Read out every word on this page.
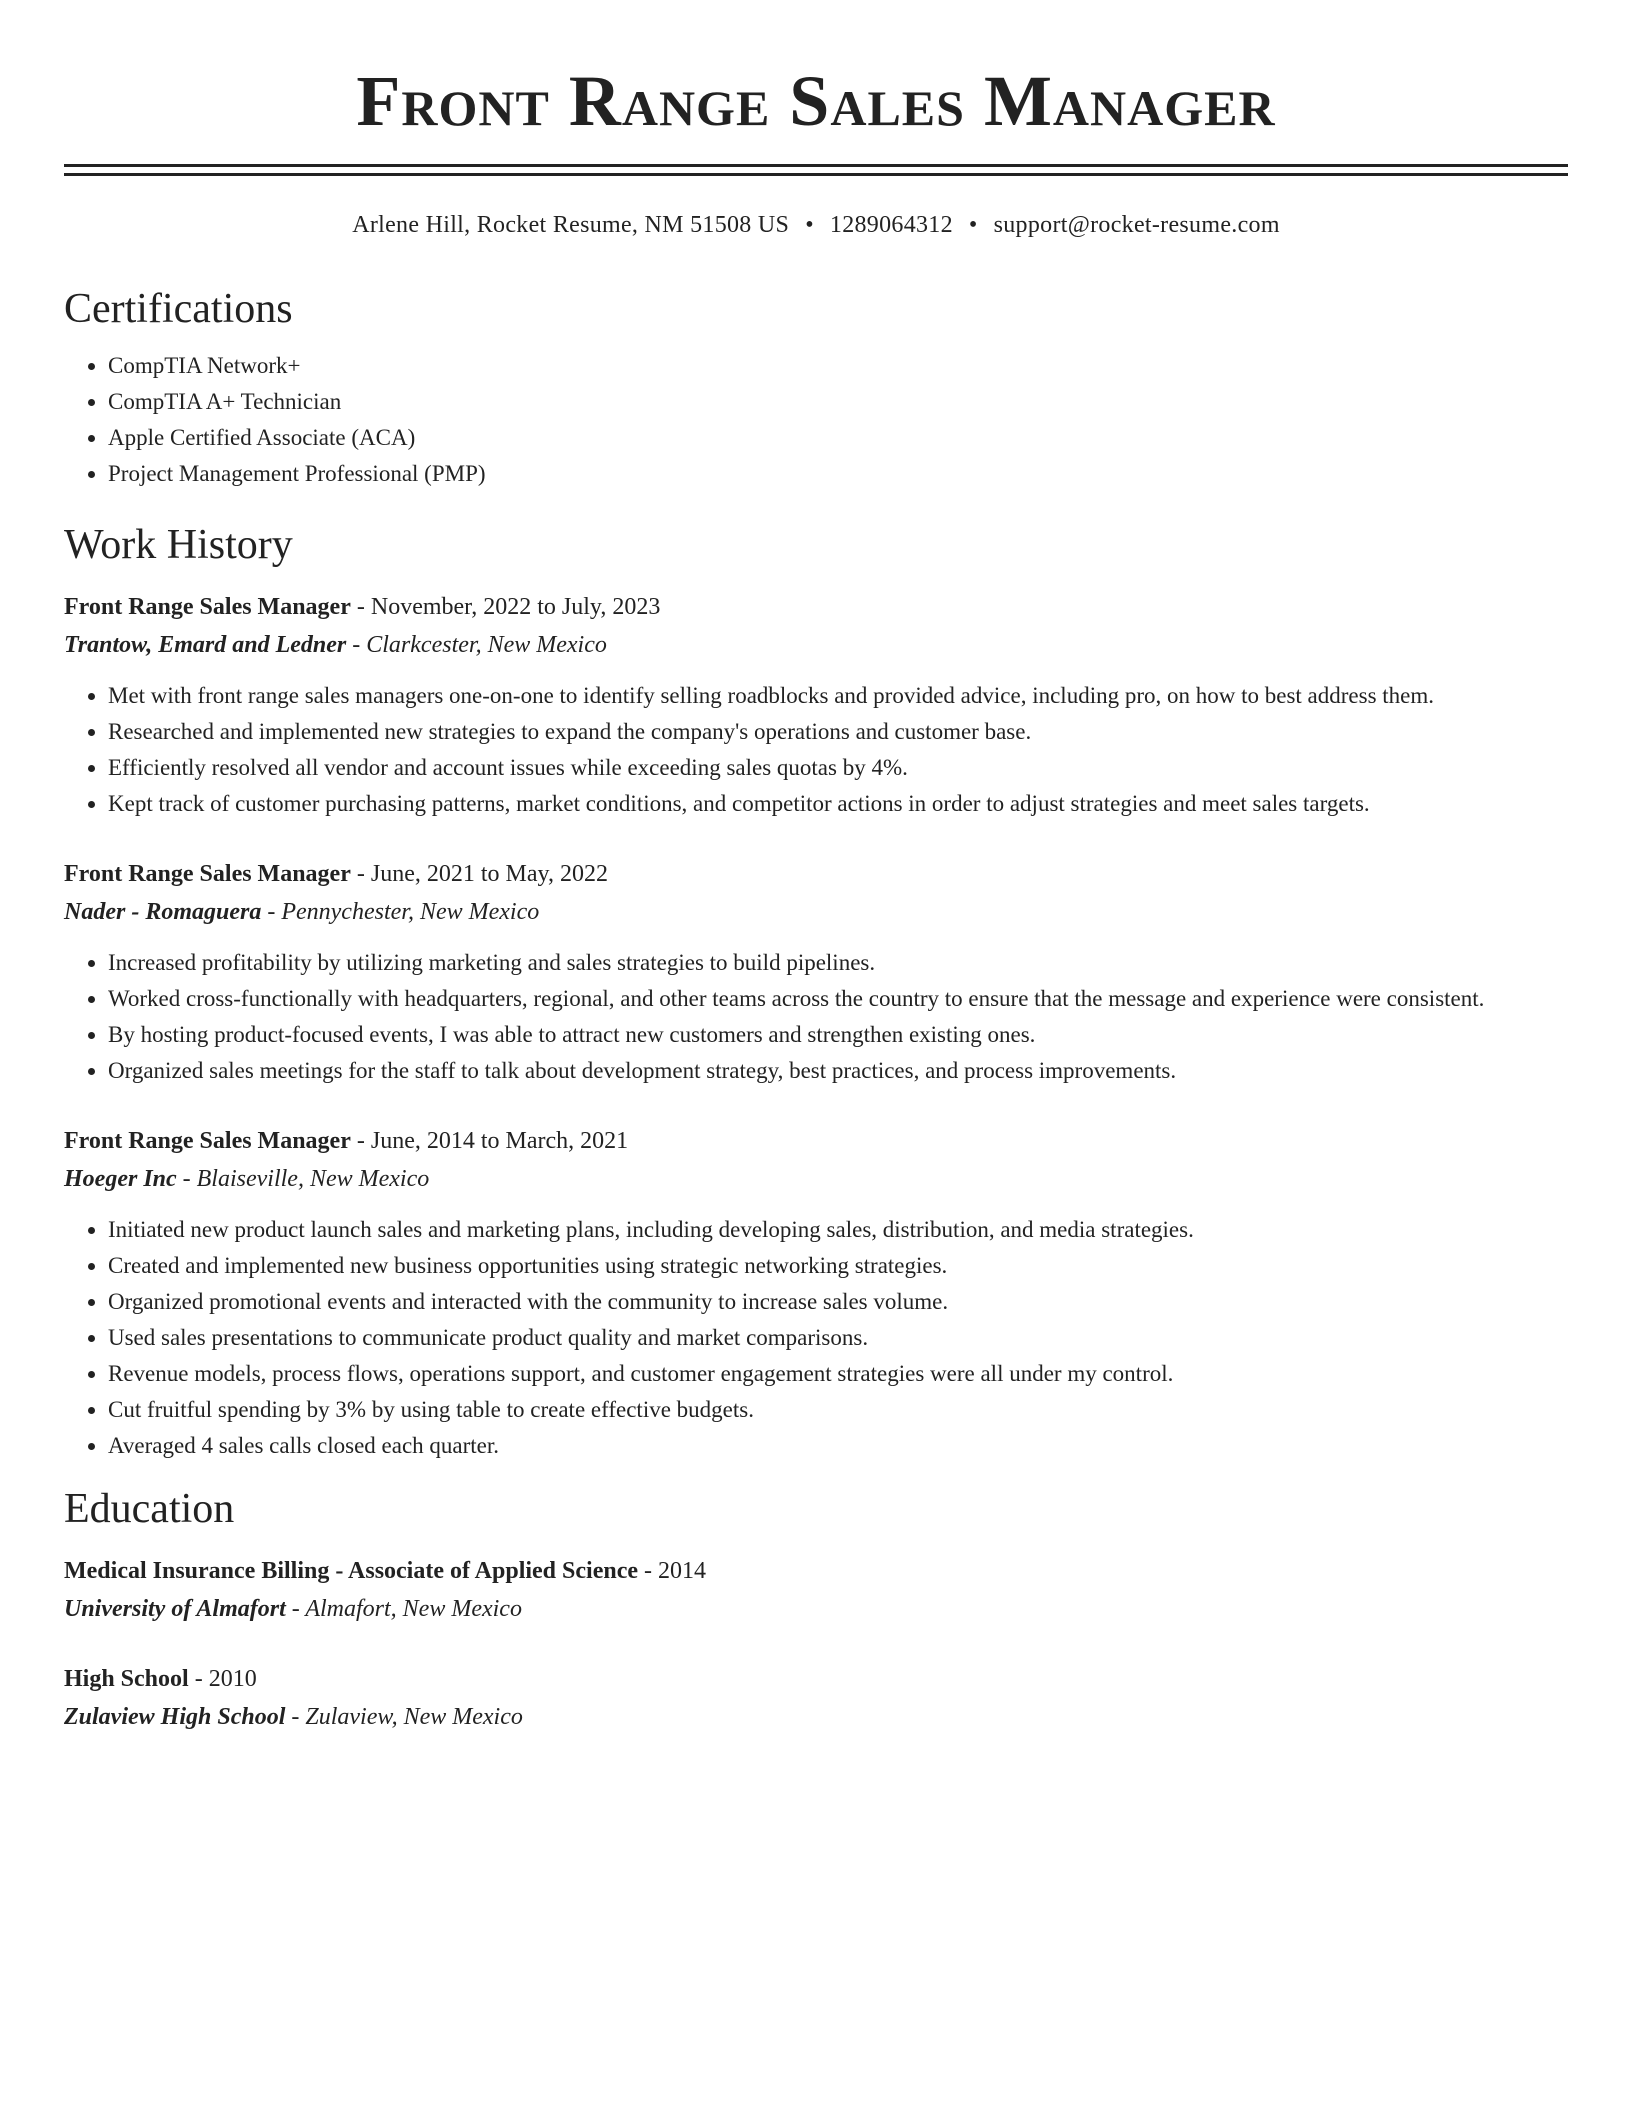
Front Range Sales Manager
Arlene Hill, Rocket Resume, NM 51508 US • 1289064312 • support@rocket-resume.com
Certifications
• CompTIA Network+
• CompTIA A+ Technician
• Apple Certified Associate (ACA)
• Project Management Professional (PMP)
Work History
Front Range Sales Manager - November, 2022 to July, 2023
Trantow, Emard and Ledner - Clarkcester, New Mexico
• Met with front range sales managers one-on-one to identify selling roadblocks and provided advice, including pro, on how to best address them.
• Researched and implemented new strategies to expand the company's operations and customer base.
• Efficiently resolved all vendor and account issues while exceeding sales quotas by 4%.
• Kept track of customer purchasing patterns, market conditions, and competitor actions in order to adjust strategies and meet sales targets.
Front Range Sales Manager - June, 2021 to May, 2022
Nader - Romaguera - Pennychester, New Mexico
• Increased profitability by utilizing marketing and sales strategies to build pipelines.
• Worked cross-functionally with headquarters, regional, and other teams across the country to ensure that the message and experience were consistent.
• By hosting product-focused events, I was able to attract new customers and strengthen existing ones.
• Organized sales meetings for the staff to talk about development strategy, best practices, and process improvements.
Front Range Sales Manager - June, 2014 to March, 2021
Hoeger Inc - Blaiseville, New Mexico
• Initiated new product launch sales and marketing plans, including developing sales, distribution, and media strategies.
• Created and implemented new business opportunities using strategic networking strategies.
• Organized promotional events and interacted with the community to increase sales volume.
• Used sales presentations to communicate product quality and market comparisons.
• Revenue models, process flows, operations support, and customer engagement strategies were all under my control.
• Cut fruitful spending by 3% by using table to create effective budgets.
• Averaged 4 sales calls closed each quarter.
Education
Medical Insurance Billing - Associate of Applied Science - 2014
University of Almafort - Almafort, New Mexico
High School - 2010
Zulaview High School - Zulaview, New Mexico
